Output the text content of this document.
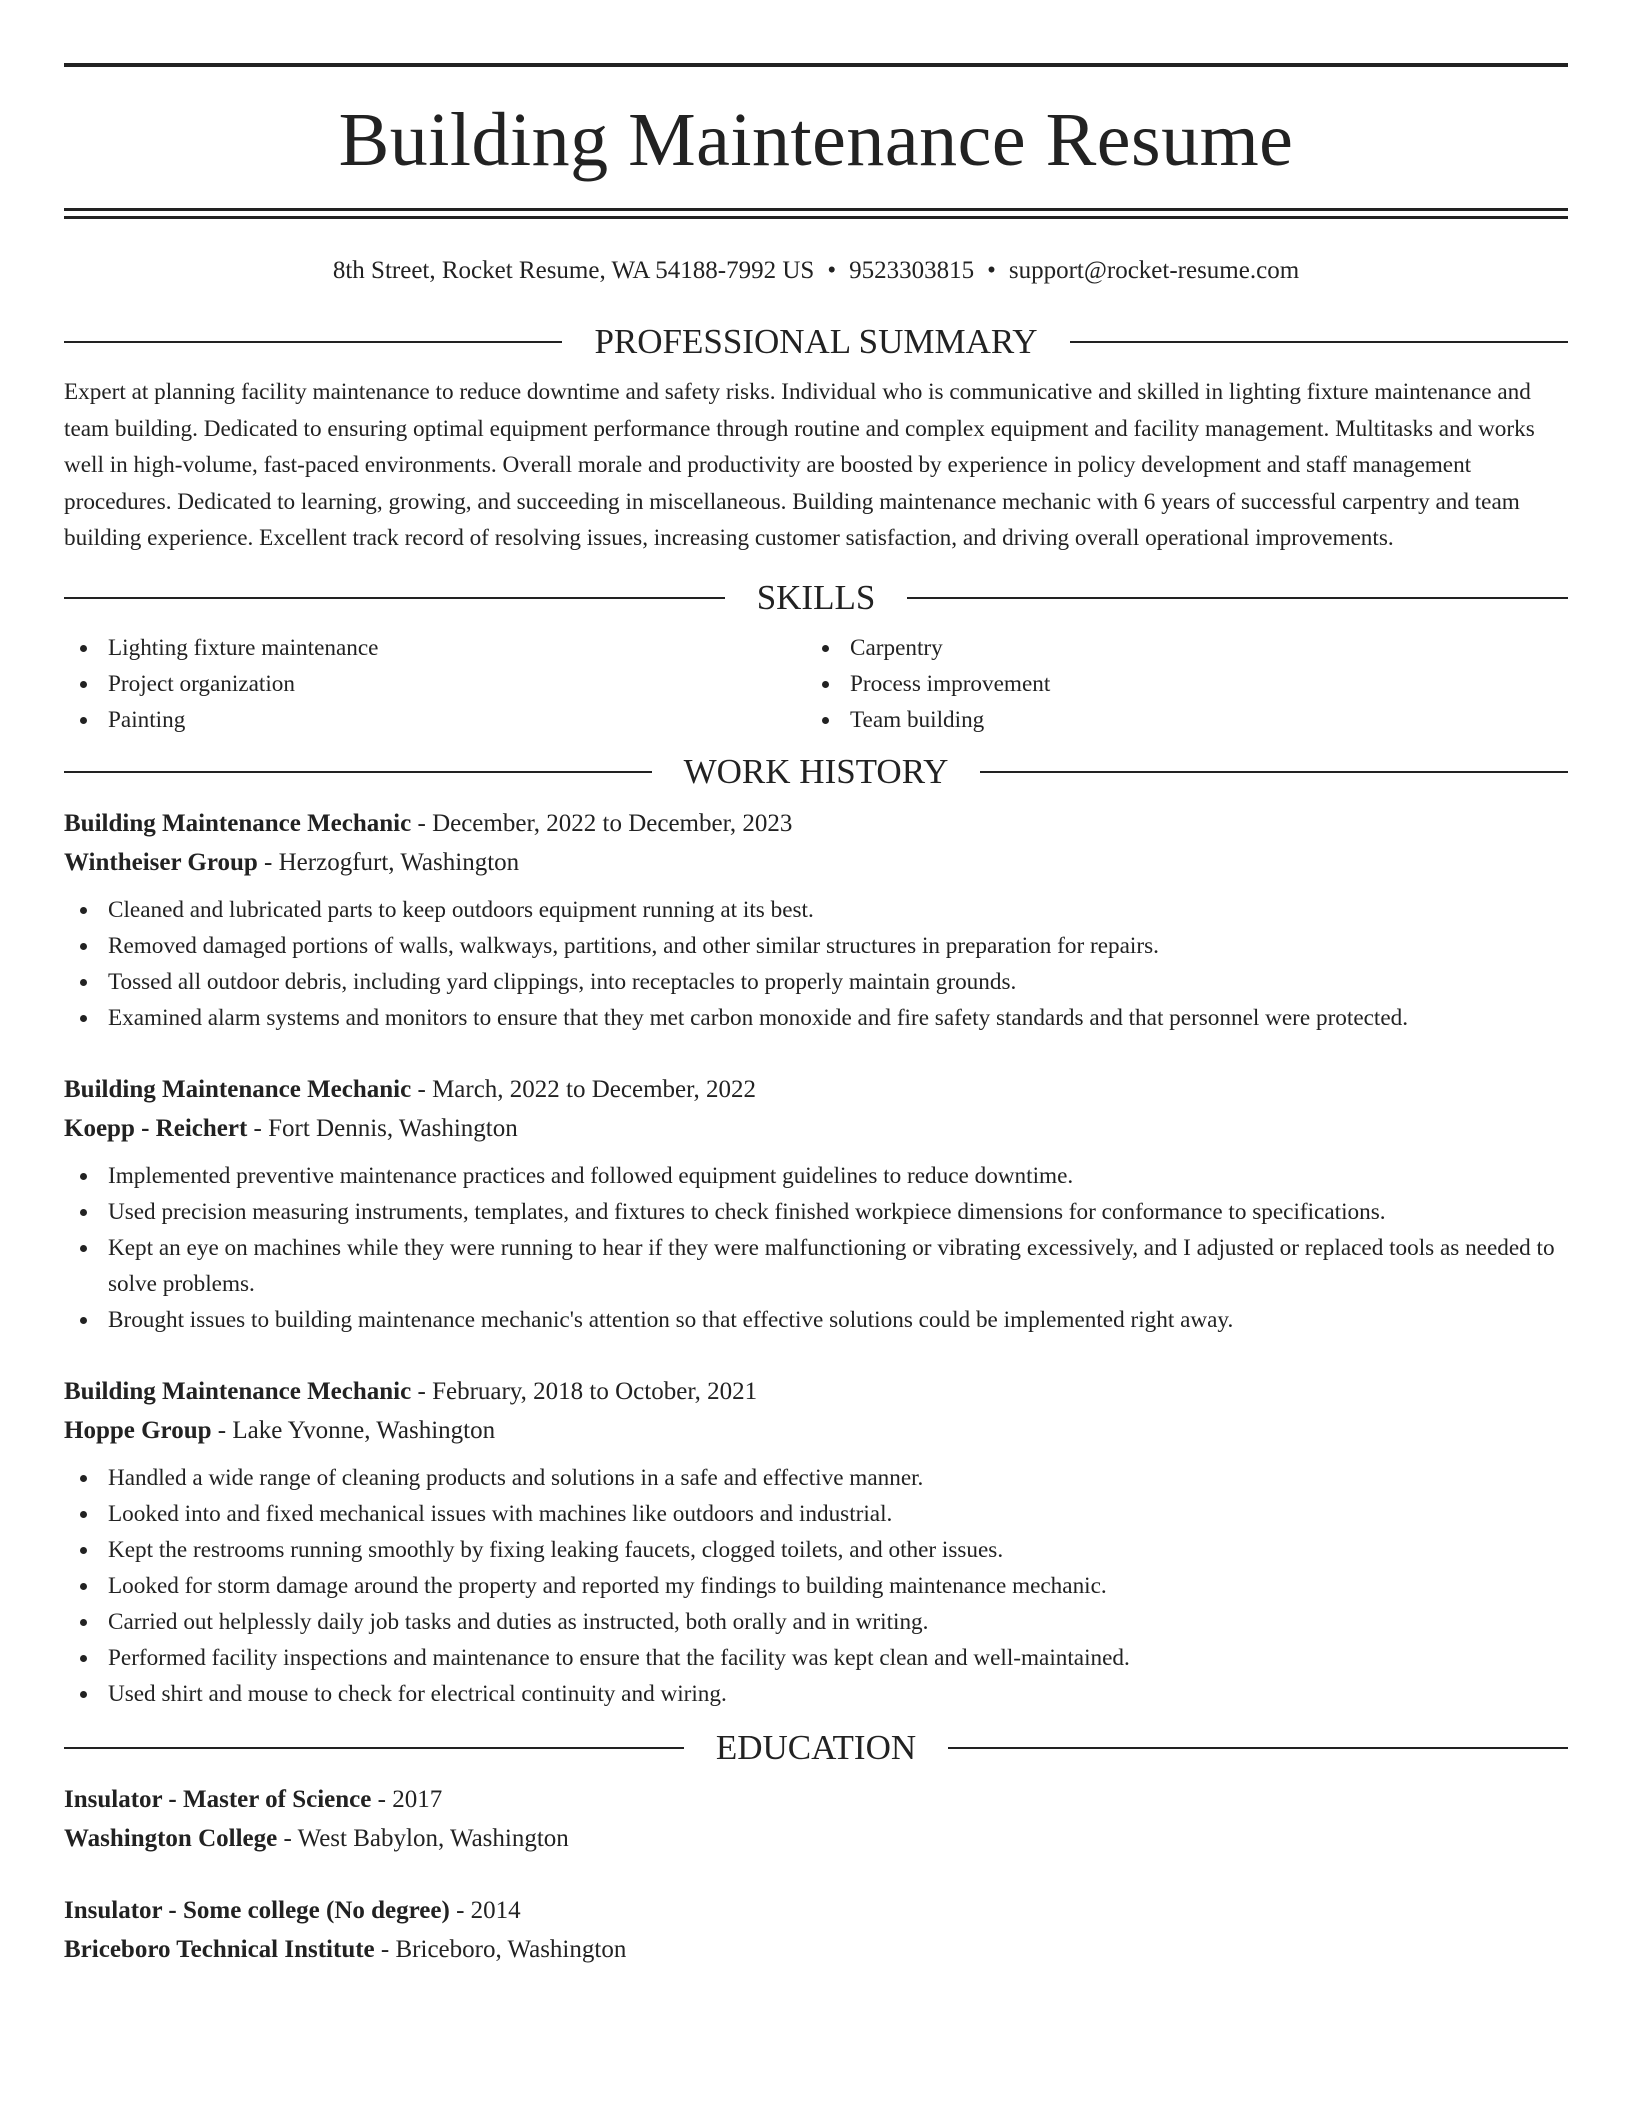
Building Maintenance Resume
8th Street, Rocket Resume, WA 54188-7992 US • 9523303815 • support@rocket-resume.com
PROFESSIONAL SUMMARY

Expert at planning facility maintenance to reduce downtime and safety risks. Individual who is communicative and skilled in lighting fixture maintenance and team building. Dedicated to ensuring optimal equipment performance through routine and complex equipment and facility management. Multitasks and works well in high-volume, fast-paced environments. Overall morale and productivity are boosted by experience in policy development and staff management procedures. Dedicated to learning, growing, and succeeding in miscellaneous. Building maintenance mechanic with 6 years of successful carpentry and team building experience. Excellent track record of resolving issues, increasing customer satisfaction, and driving overall operational improvements.

SKILLS
Lighting fixture maintenance
Project organization
Painting
Carpentry
Process improvement
Team building
WORK HISTORY
Building Maintenance Mechanic - December, 2022 to December, 2023
Wintheiser Group - Herzogfurt, Washington
Cleaned and lubricated parts to keep outdoors equipment running at its best.
Removed damaged portions of walls, walkways, partitions, and other similar structures in preparation for repairs.
Tossed all outdoor debris, including yard clippings, into receptacles to properly maintain grounds.
Examined alarm systems and monitors to ensure that they met carbon monoxide and fire safety standards and that personnel were protected.
Building Maintenance Mechanic - March, 2022 to December, 2022
Koepp - Reichert - Fort Dennis, Washington
Implemented preventive maintenance practices and followed equipment guidelines to reduce downtime.
Used precision measuring instruments, templates, and fixtures to check finished workpiece dimensions for conformance to specifications.
Kept an eye on machines while they were running to hear if they were malfunctioning or vibrating excessively, and I adjusted or replaced tools as needed to solve problems.
Brought issues to building maintenance mechanic's attention so that effective solutions could be implemented right away.
Building Maintenance Mechanic - February, 2018 to October, 2021
Hoppe Group - Lake Yvonne, Washington
Handled a wide range of cleaning products and solutions in a safe and effective manner.
Looked into and fixed mechanical issues with machines like outdoors and industrial.
Kept the restrooms running smoothly by fixing leaking faucets, clogged toilets, and other issues.
Looked for storm damage around the property and reported my findings to building maintenance mechanic.
Carried out helplessly daily job tasks and duties as instructed, both orally and in writing.
Performed facility inspections and maintenance to ensure that the facility was kept clean and well-maintained.
Used shirt and mouse to check for electrical continuity and wiring.
EDUCATION
Insulator - Master of Science - 2017
Washington College - West Babylon, Washington
Insulator - Some college (No degree) - 2014
Briceboro Technical Institute - Briceboro, Washington
